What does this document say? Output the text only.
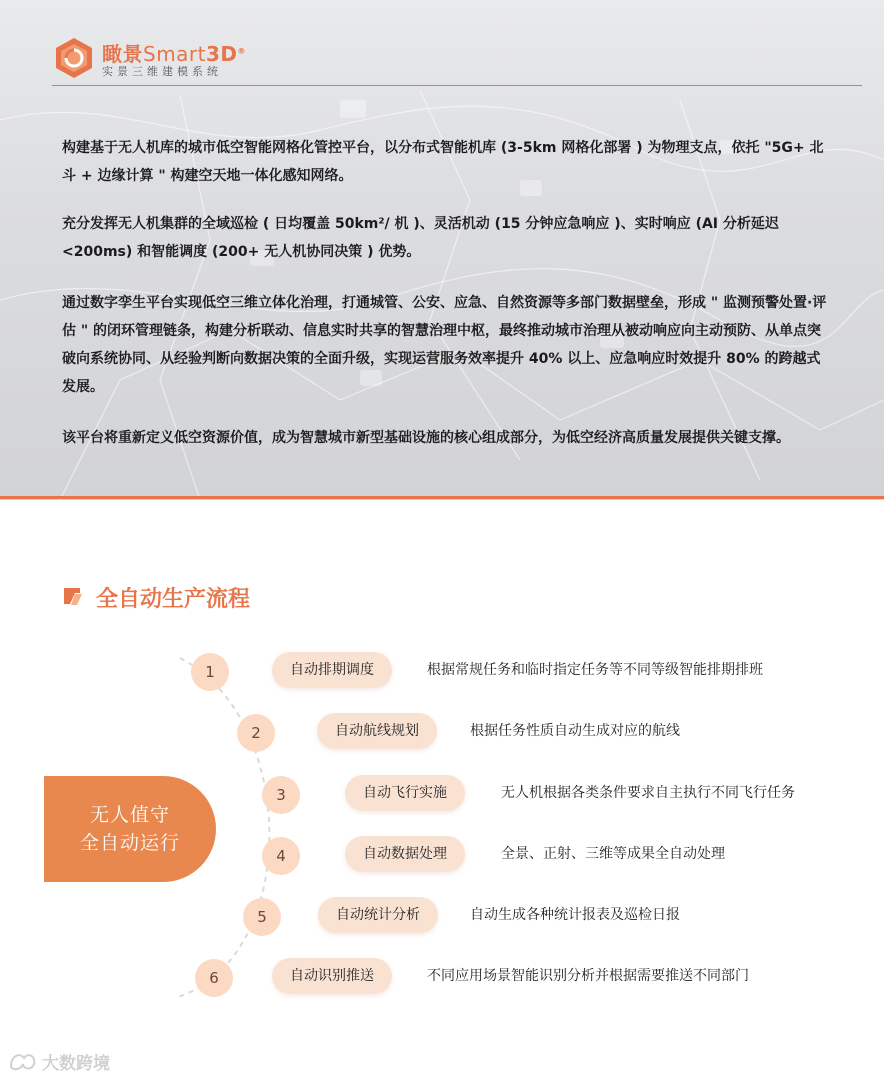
瞰景Smart3D®
实景三维建模系统

构建基于无人机库的城市低空智能网格化管控平台，以分布式智能机库 (3-5km 网格化部署 ) 为物理支点，依托 "5G+ 北斗 + 边缘计算 " 构建空天地一体化感知网络。

充分发挥无人机集群的全域巡检 ( 日均覆盖 50km²/ 机 )、灵活机动 (15 分钟应急响应 )、实时响应 (AI 分析延迟 <200ms) 和智能调度 (200+ 无人机协同决策 ) 优势。

通过数字孪生平台实现低空三维立体化治理，打通城管、公安、应急、自然资源等多部门数据壁垒，形成 " 监测预警处置·评估 " 的闭环管理链条，构建分析联动、信息实时共享的智慧治理中枢，最终推动城市治理从被动响应向主动预防、从单点突破向系统协同、从经验判断向数据决策的全面升级，实现运营服务效率提升 40% 以上、应急响应时效提升 80% 的跨越式发展。

该平台将重新定义低空资源价值，成为智慧城市新型基础设施的核心组成部分，为低空经济高质量发展提供关键支撑。

全自动生产流程
无人值守
全自动运行
1	自动排期调度	根据常规任务和临时指定任务等不同等级智能排期排班
2	自动航线规划	根据任务性质自动生成对应的航线
3	自动飞行实施	无人机根据各类条件要求自主执行不同飞行任务
4	自动数据处理	全景、正射、三维等成果全自动处理
5	自动统计分析	自动生成各种统计报表及巡检日报
6	自动识别推送	不同应用场景智能识别分析并根据需要推送不同部门
大数跨境
